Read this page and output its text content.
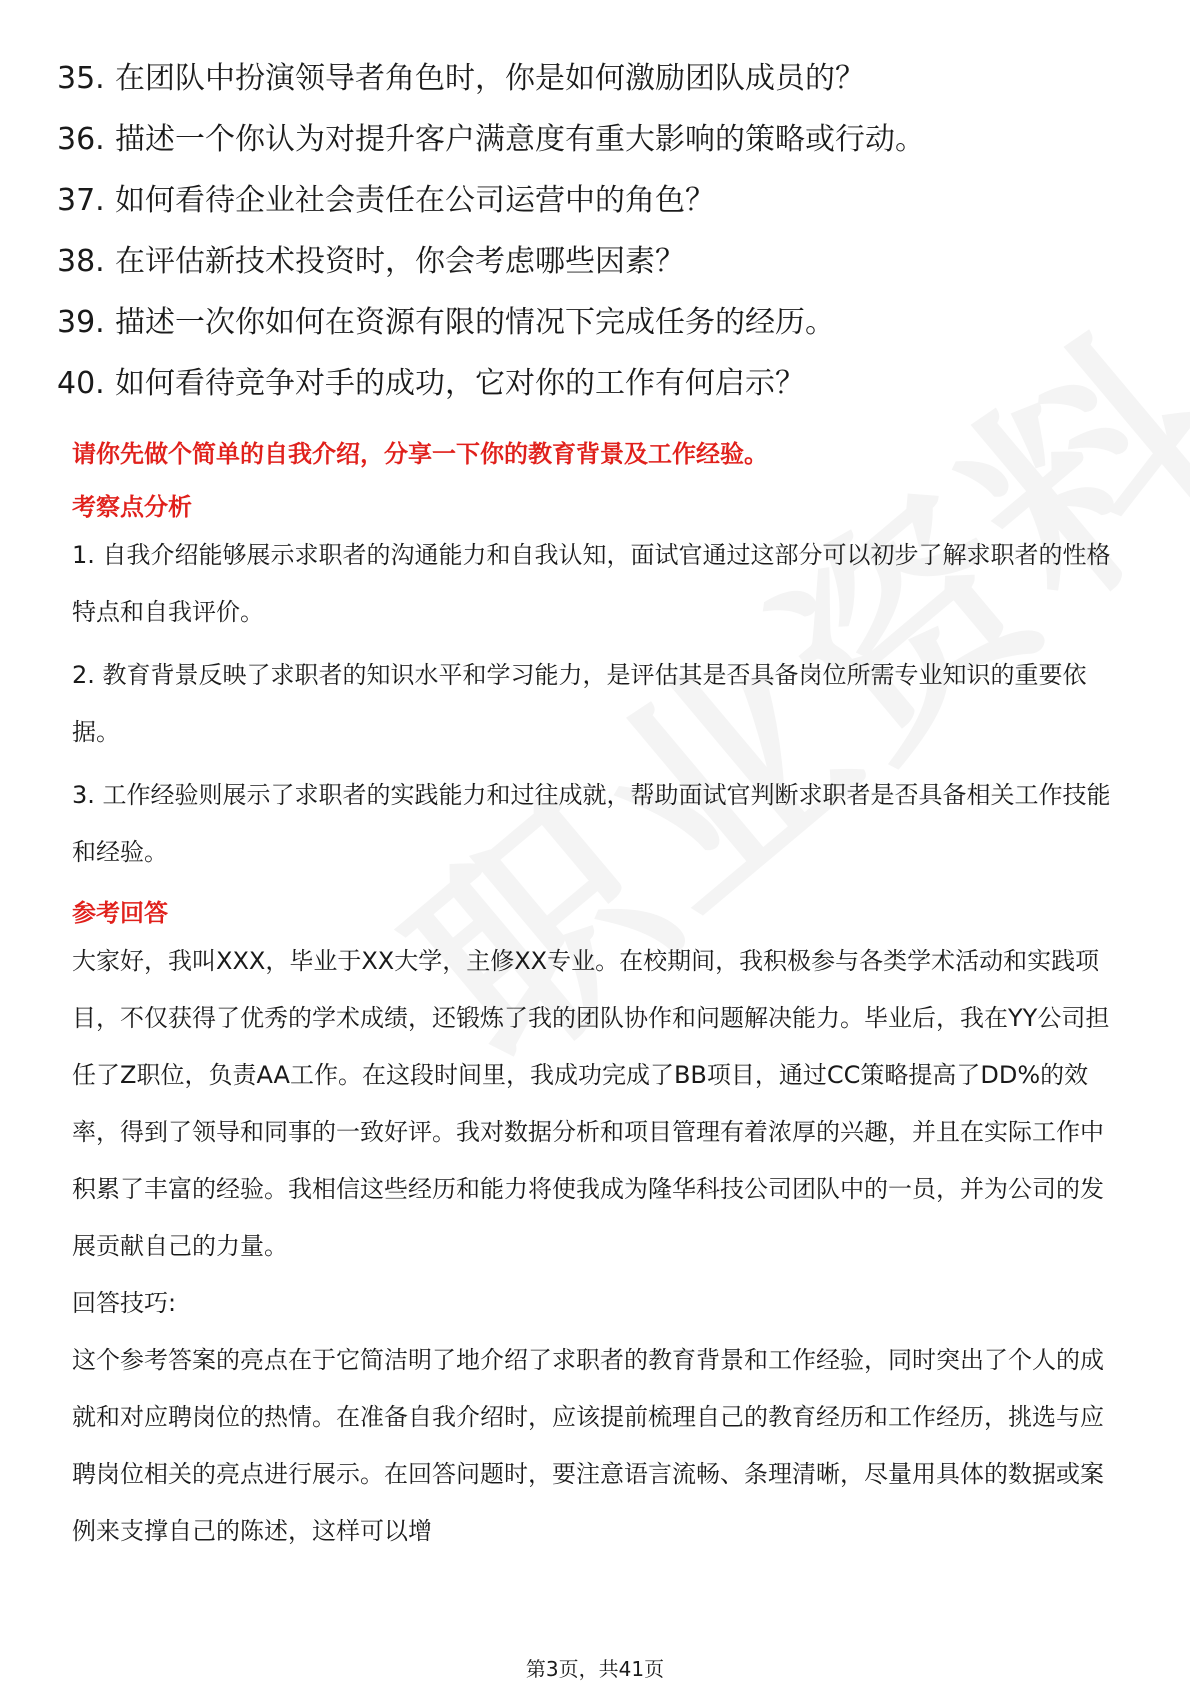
35. 在团队中扮演领导者角色时，你是如何激励团队成员的？
36. 描述一个你认为对提升客户满意度有重大影响的策略或行动。
37. 如何看待企业社会责任在公司运营中的角色？
38. 在评估新技术投资时，你会考虑哪些因素？
39. 描述一次你如何在资源有限的情况下完成任务的经历。
40. 如何看待竞争对手的成功，它对你的工作有何启示？
请你先做个简单的自我介绍，分享一下你的教育背景及工作经验。
考察点分析
1. 自我介绍能够展示求职者的沟通能力和自我认知，面试官通过这部分可以初步了解求职者的性格特点和自我评价。
2. 教育背景反映了求职者的知识水平和学习能力，是评估其是否具备岗位所需专业知识的重要依据。
3. 工作经验则展示了求职者的实践能力和过往成就，帮助面试官判断求职者是否具备相关工作技能和经验。
参考回答
大家好，我叫XXX，毕业于XX大学，主修XX专业。在校期间，我积极参与各类学术活动和实践项目，不仅获得了优秀的学术成绩，还锻炼了我的团队协作和问题解决能力。毕业后，我在YY公司担任了Z职位，负责AA工作。在这段时间里，我成功完成了BB项目，通过CC策略提高了DD%的效率，得到了领导和同事的一致好评。我对数据分析和项目管理有着浓厚的兴趣，并且在实际工作中积累了丰富的经验。我相信这些经历和能力将使我成为隆华科技公司团队中的一员，并为公司的发展贡献自己的力量。
回答技巧:
这个参考答案的亮点在于它简洁明了地介绍了求职者的教育背景和工作经验，同时突出了个人的成就和对应聘岗位的热情。在准备自我介绍时，应该提前梳理自己的教育经历和工作经历，挑选与应聘岗位相关的亮点进行展示。在回答问题时，要注意语言流畅、条理清晰，尽量用具体的数据或案例来支撑自己的陈述，这样可以增
第3页，共41页
